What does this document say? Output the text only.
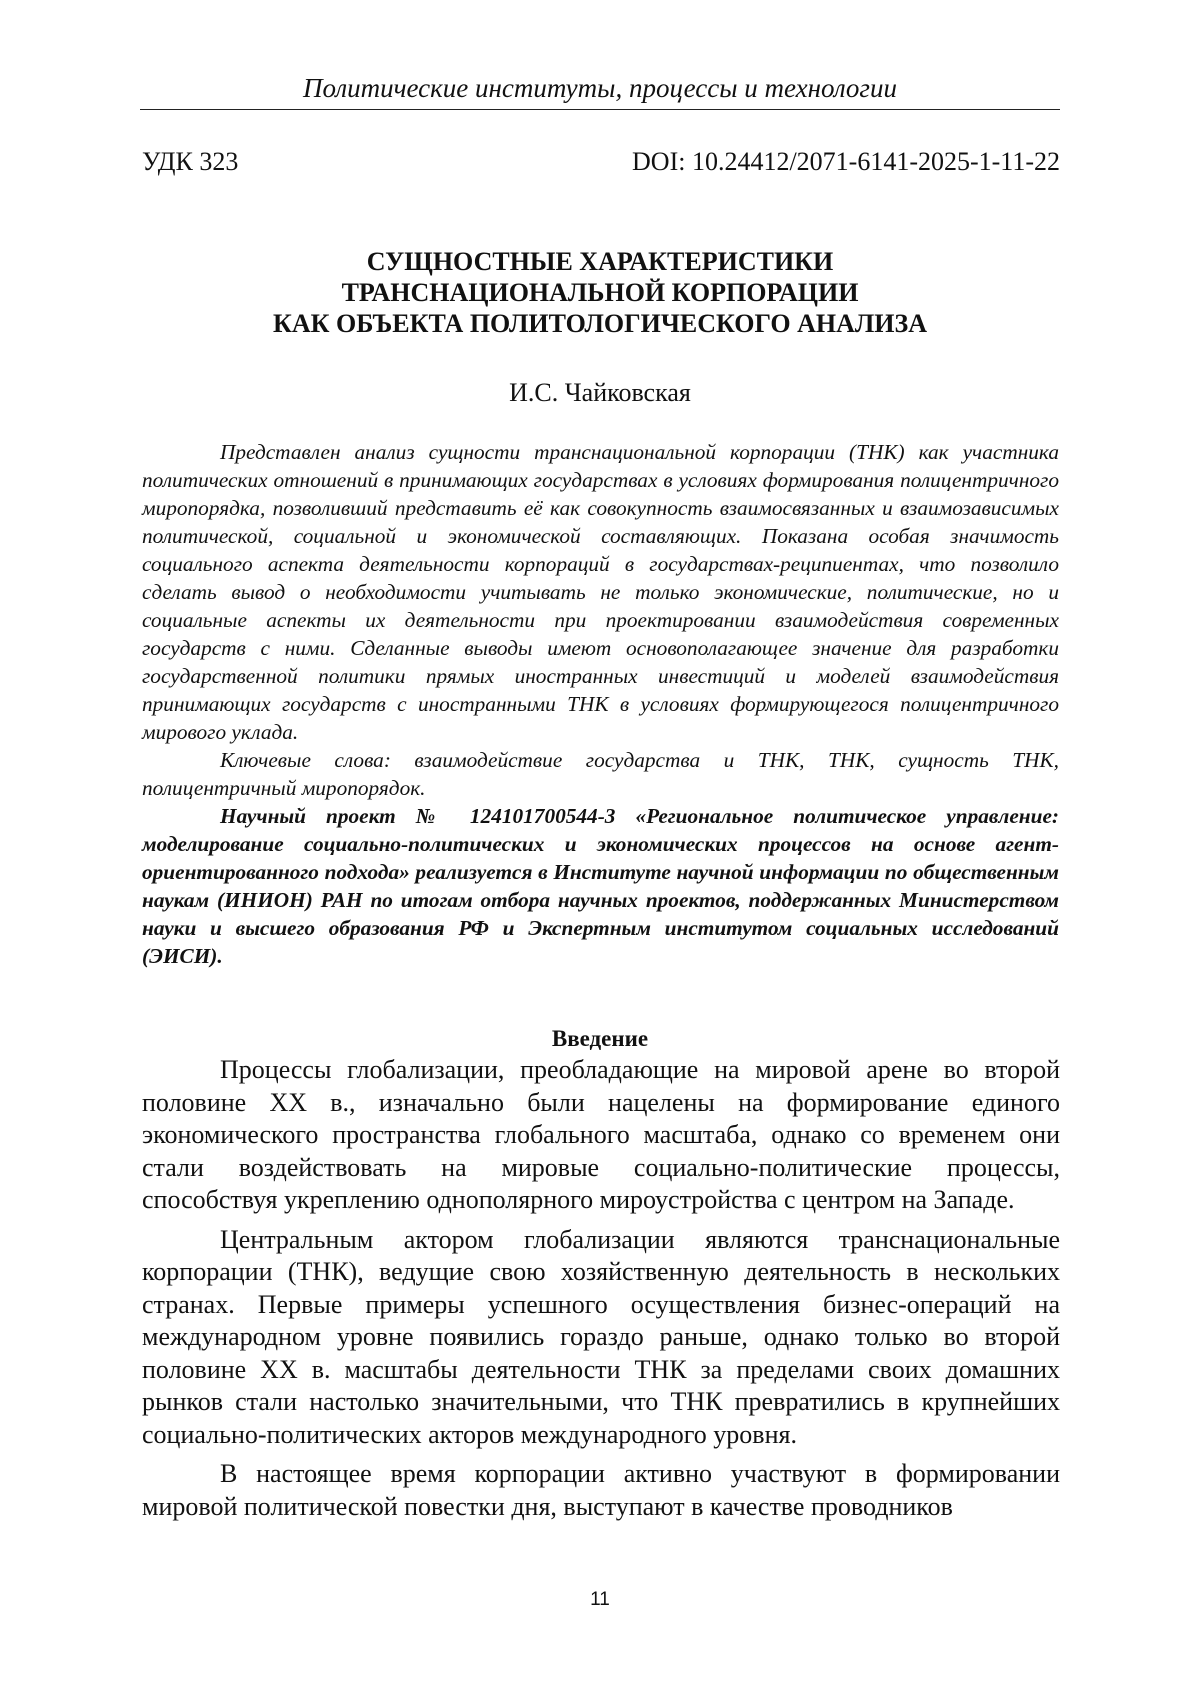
Политические институты, процессы и технологии
УДК 323	DOI: 10.24412/2071-6141-2025-1-11-22
СУЩНОСТНЫЕ ХАРАКТЕРИСТИКИ
ТРАНСНАЦИОНАЛЬНОЙ КОРПОРАЦИИ
КАК ОБЪЕКТА ПОЛИТОЛОГИЧЕСКОГО АНАЛИЗА
И.С. Чайковская

Представлен анализ сущности транснациональной корпорации (ТНК) как участника политических отношений в принимающих государствах в условиях формирования полицентричного миропорядка, позволивший представить её как совокупность взаимосвязанных и взаимозависимых политической, социальной и экономической составляющих. Показана особая значимость социального аспекта деятельности корпораций в государствах-реципиентах, что позволило сделать вывод о необходимости учитывать не только экономические, политические, но и социальные аспекты их деятельности при проектировании взаимодействия современных государств с ними. Сделанные выводы имеют основополагающее значение для разработки государственной политики прямых иностранных инвестиций и моделей взаимодействия принимающих государств с иностранными ТНК в условиях формирующегося полицентричного мирового уклада.

Ключевые слова: взаимодействие государства и ТНК, ТНК, сущность ТНК, полицентричный миропорядок.

Научный проект № 124101700544-3 «Региональное политическое управление: моделирование социально-политических и экономических процессов на основе агент-ориентированного подхода» реализуется в Институте научной информации по общественным наукам (ИНИОН) РАН по итогам отбора научных проектов, поддержанных Министерством науки и высшего образования РФ и Экспертным институтом социальных исследований (ЭИСИ).

Введение

Процессы глобализации, преобладающие на мировой арене во второй половине XX в., изначально были нацелены на формирование единого экономического пространства глобального масштаба, однако со временем они стали воздействовать на мировые социально-политические процессы, способствуя укреплению однополярного мироустройства с центром на Западе.

Центральным актором глобализации являются транснациональные корпорации (ТНК), ведущие свою хозяйственную деятельность в нескольких странах. Первые примеры успешного осуществления бизнес-операций на международном уровне появились гораздо раньше, однако только во второй половине XX в. масштабы деятельности ТНК за пределами своих домашних рынков стали настолько значительными, что ТНК превратились в крупнейших социально-политических акторов международного уровня.

В настоящее время корпорации активно участвуют в формировании мировой политической повестки дня, выступают в качестве проводников

11
